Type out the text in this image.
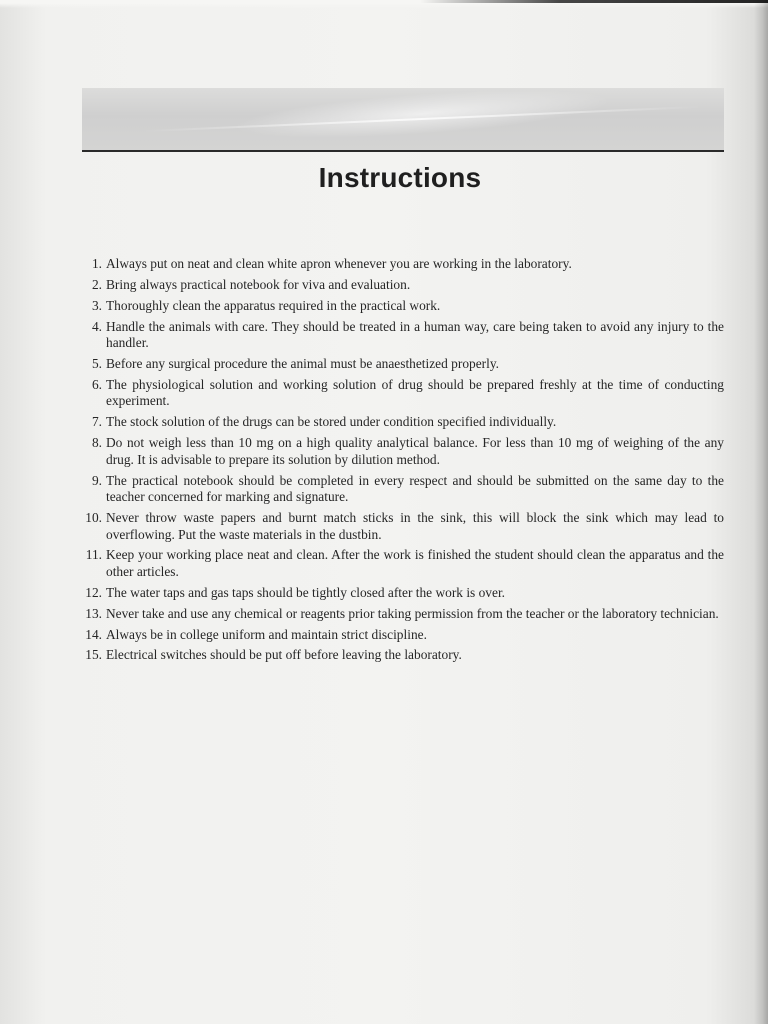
Instructions
1. Always put on neat and clean white apron whenever you are working in the laboratory.
2. Bring always practical notebook for viva and evaluation.
3. Thoroughly clean the apparatus required in the practical work.
4. Handle the animals with care. They should be treated in a human way, care being taken to avoid any injury to the handler.
5. Before any surgical procedure the animal must be anaesthetized properly.
6. The physiological solution and working solution of drug should be prepared freshly at the time of conducting experiment.
7. The stock solution of the drugs can be stored under condition specified individually.
8. Do not weigh less than 10 mg on a high quality analytical balance. For less than 10 mg of weighing of the any drug. It is advisable to prepare its solution by dilution method.
9. The practical notebook should be completed in every respect and should be submitted on the same day to the teacher concerned for marking and signature.
10. Never throw waste papers and burnt match sticks in the sink, this will block the sink which may lead to overflowing. Put the waste materials in the dustbin.
11. Keep your working place neat and clean. After the work is finished the student should clean the apparatus and the other articles.
12. The water taps and gas taps should be tightly closed after the work is over.
13. Never take and use any chemical or reagents prior taking permission from the teacher or the laboratory technician.
14. Always be in college uniform and maintain strict discipline.
15. Electrical switches should be put off before leaving the laboratory.
